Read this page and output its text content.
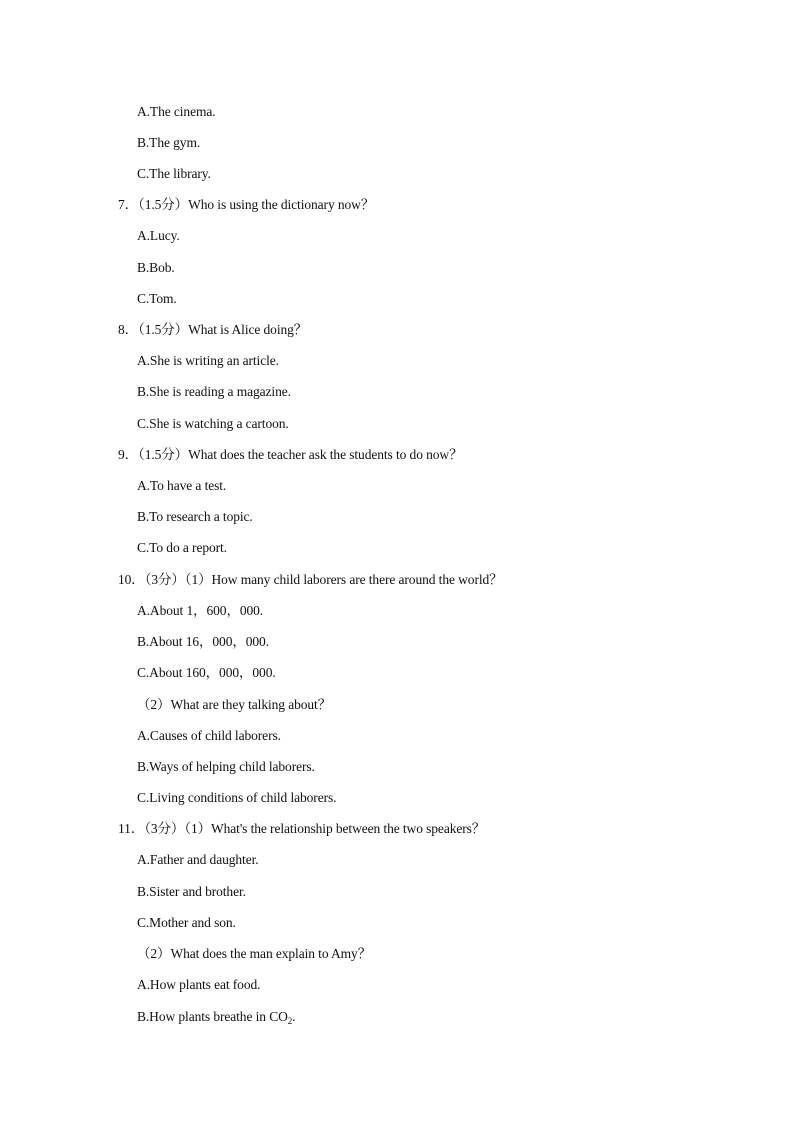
A.The cinema.
B.The gym.
C.The library.
7．（1.5分）Who is using the dictionary now？
A.Lucy.
B.Bob.
C.Tom.
8．（1.5分）What is Alice doing？
A.She is writing an article.
B.She is reading a magazine.
C.She is watching a cartoon.
9．（1.5分）What does the teacher ask the students to do now？
A.To have a test.
B.To research a topic.
C.To do a report.
10．（3分）（1）How many child laborers are there around the world？
A.About 1，600，000.
B.About 16，000，000.
C.About 160，000，000.
（2）What are they talking about？
A.Causes of child laborers.
B.Ways of helping child laborers.
C.Living conditions of child laborers.
11．（3分）（1）What's the relationship between the two speakers？
A.Father and daughter.
B.Sister and brother.
C.Mother and son.
（2）What does the man explain to Amy？
A.How plants eat food.
B.How plants breathe in $CO_2$.
